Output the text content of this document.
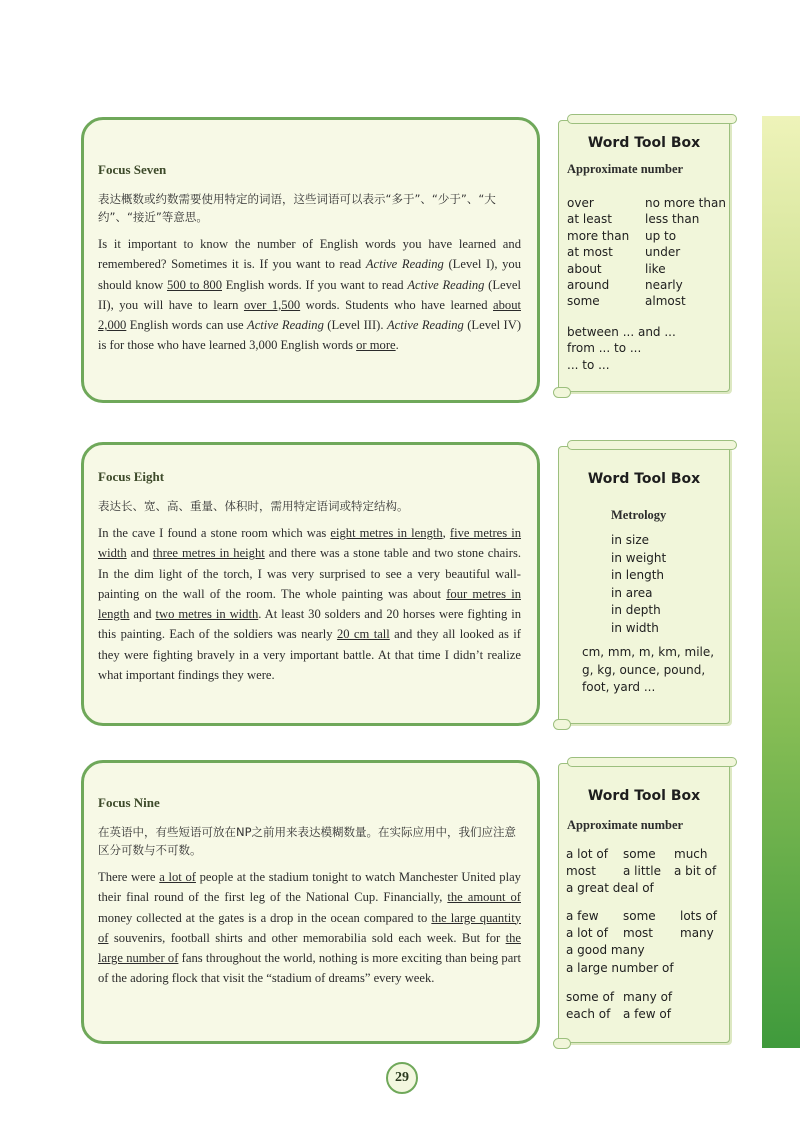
Focus Seven

表达概数或约数需要使用特定的词语，这些词语可以表示“多于”、“少于”、“大约”、“接近”等意思。

Is it important to know the number of English words you have learned and remembered? Sometimes it is. If you want to read Active Reading (Level I), you should know 500 to 800 English words. If you want to read Active Reading (Level II), you will have to learn over 1,500 words. Students who have learned about 2,000 English words can use Active Reading (Level III). Active Reading (Level IV) is for those who have learned 3,000 English words or more.

Focus Eight

表达长、宽、高、重量、体积时，需用特定语词或特定结构。

In the cave I found a stone room which was eight metres in length, five metres in width and three metres in height and there was a stone table and two stone chairs. In the dim light of the torch, I was very surprised to see a very beautiful wall-painting on the wall of the room. The whole painting was about four metres in length and two metres in width. At least 30 solders and 20 horses were fighting in this painting. Each of the soldiers was nearly 20 cm tall and they all looked as if they were fighting bravely in a very important battle. At that time I didn’t realize what important findings they were.

Focus Nine

在英语中，有些短语可放在NP之前用来表达模糊数量。在实际应用中，我们应注意区分可数与不可数。

There were a lot of people at the stadium tonight to watch Manchester United play their final round of the first leg of the National Cup. Financially, the amount of money collected at the gates is a drop in the ocean compared to the large quantity of souvenirs, football shirts and other memorabilia sold each week. But for the large number of fans throughout the world, nothing is more exciting than being part of the adoring flock that visit the “stadium of dreams” every week.

Word Tool Box
Approximate number
over
at least
more than
at most
about
around
some
no more than
less than
up to
under
like
nearly
almost
between ... and ...
from ... to ...
... to ...
Word Tool Box
Metrology
in size
in weight
in length
in area
in depth
in width
cm, mm, m, km, mile,
g, kg, ounce, pound,
foot, yard ...
Word Tool Box
Approximate number
a lot of some much
most a little a bit of
a great deal of
a few some lots of
a lot of most many
a good many
a large number of
some of many of
each of a few of
29
